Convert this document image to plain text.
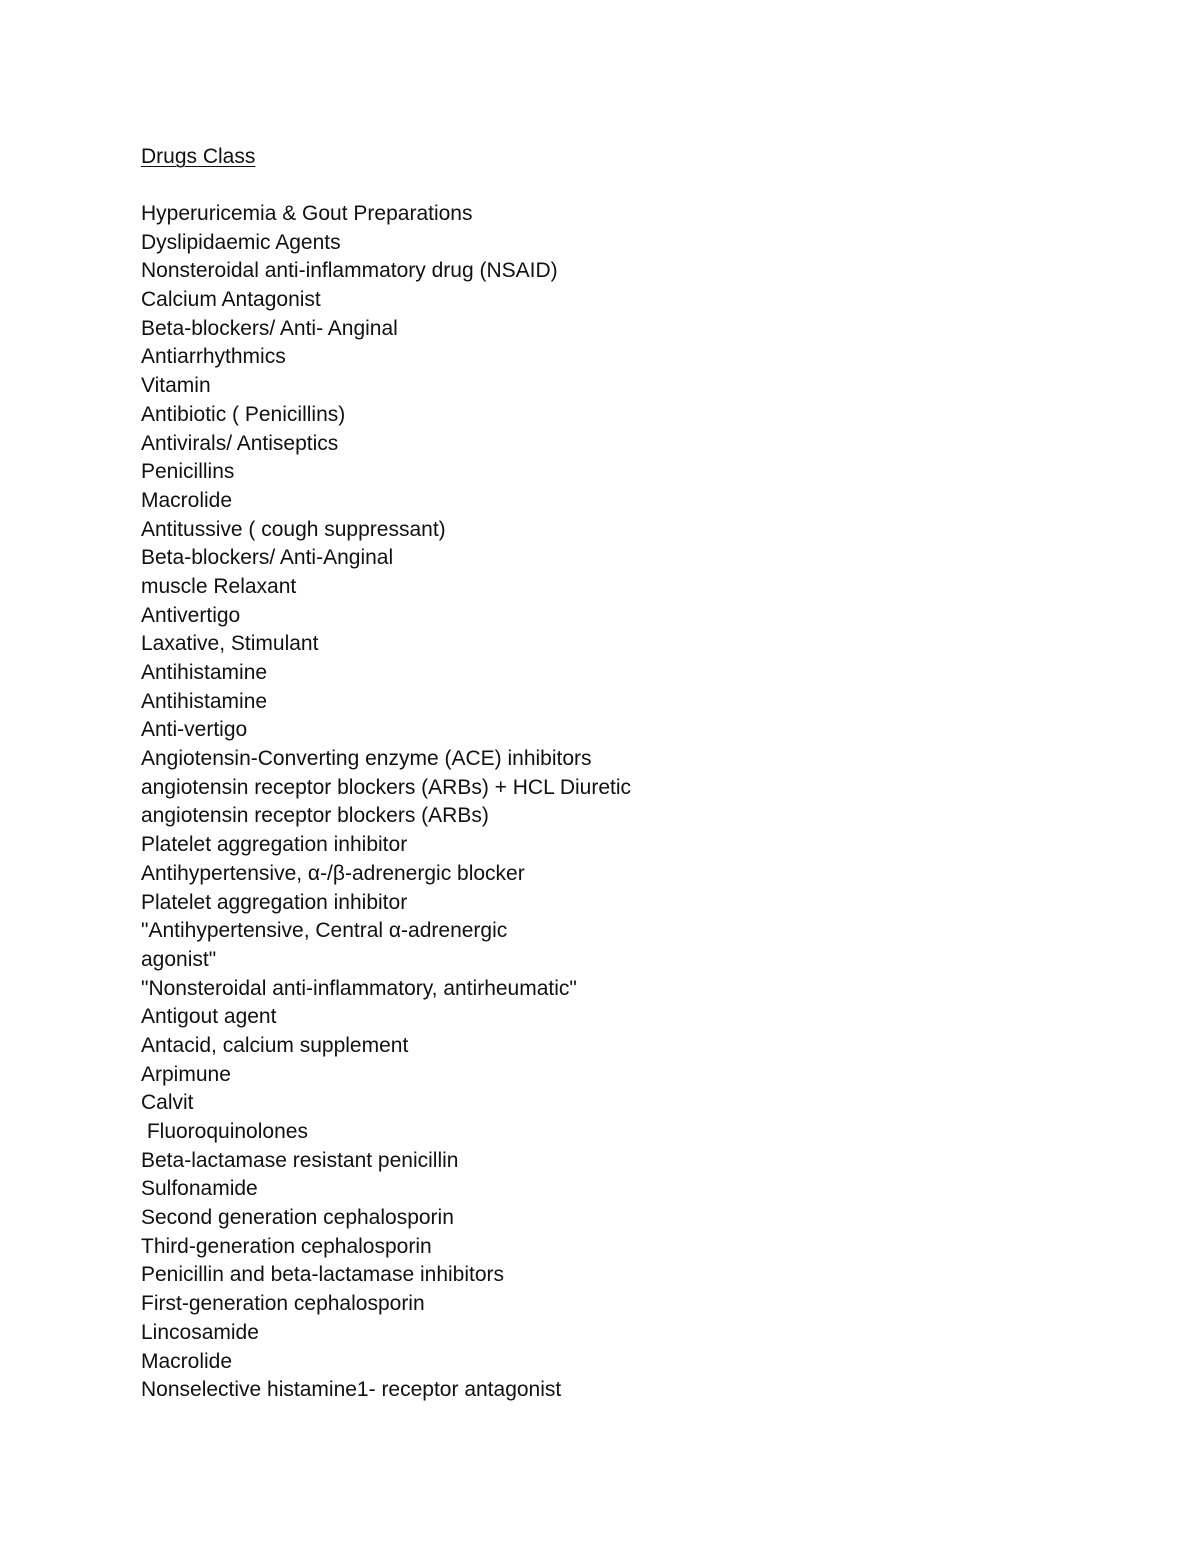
Drugs Class
Hyperuricemia & Gout Preparations
Dyslipidaemic Agents
Nonsteroidal anti-inflammatory drug (NSAID)
Calcium Antagonist
Beta-blockers/ Anti- Anginal
Antiarrhythmics
Vitamin
Antibiotic ( Penicillins)
Antivirals/ Antiseptics
Penicillins
Macrolide
Antitussive ( cough suppressant)
Beta-blockers/ Anti-Anginal
muscle Relaxant
Antivertigo
Laxative, Stimulant
Antihistamine
Antihistamine
Anti-vertigo
Angiotensin-Converting enzyme (ACE) inhibitors
angiotensin receptor blockers (ARBs) + HCL Diuretic
angiotensin receptor blockers (ARBs)
Platelet aggregation inhibitor
Antihypertensive, α-/β-adrenergic blocker
Platelet aggregation inhibitor
"Antihypertensive, Central α-adrenergic
agonist"
"Nonsteroidal anti-inflammatory, antirheumatic"
Antigout agent
Antacid, calcium supplement
Arpimune
Calvit
Fluoroquinolones
Beta-lactamase resistant penicillin
Sulfonamide
Second generation cephalosporin
Third-generation cephalosporin
Penicillin and beta-lactamase inhibitors
First-generation cephalosporin
Lincosamide
Macrolide
Nonselective histamine1- receptor antagonist
